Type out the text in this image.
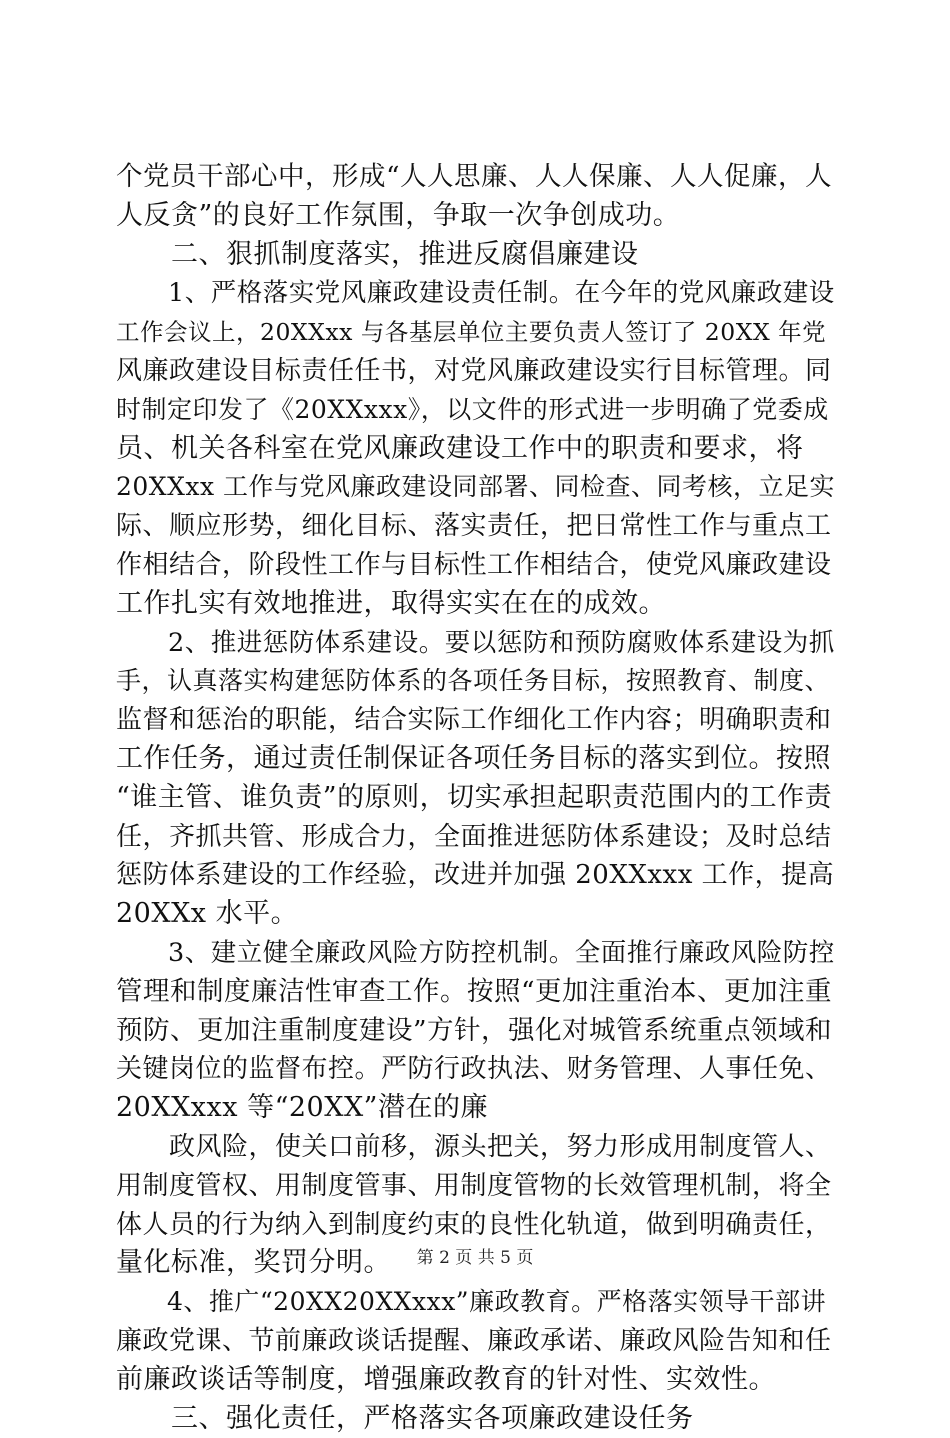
个党员干部心中，形成“人人思廉、人人保廉、人人促廉，人
人反贪”的良好工作氛围，争取一次争创成功。
　　二、狠抓制度落实，推进反腐倡廉建设
　　1、严格落实党风廉政建设责任制。在今年的党风廉政建设
工作会议上，20XXxx 与各基层单位主要负责人签订了 20XX 年党
风廉政建设目标责任任书，对党风廉政建设实行目标管理。同
时制定印发了《20XXxxx》，以文件的形式进一步明确了党委成
员、机关各科室在党风廉政建设工作中的职责和要求，将
20XXxx 工作与党风廉政建设同部署、同检查、同考核，立足实
际、顺应形势，细化目标、落实责任，把日常性工作与重点工
作相结合，阶段性工作与目标性工作相结合，使党风廉政建设
工作扎实有效地推进，取得实实在在的成效。
　　2、推进惩防体系建设。要以惩防和预防腐败体系建设为抓
手，认真落实构建惩防体系的各项任务目标，按照教育、制度、
监督和惩治的职能，结合实际工作细化工作内容；明确职责和
工作任务，通过责任制保证各项任务目标的落实到位。按照
“谁主管、谁负责”的原则，切实承担起职责范围内的工作责
任，齐抓共管、形成合力，全面推进惩防体系建设；及时总结
惩防体系建设的工作经验，改进并加强 20XXxxx 工作，提高
20XXx 水平。
　　3、建立健全廉政风险方防控机制。全面推行廉政风险防控
管理和制度廉洁性审查工作。按照“更加注重治本、更加注重
预防、更加注重制度建设”方针，强化对城管系统重点领域和
关键岗位的监督布控。严防行政执法、财务管理、人事任免、
20XXxxx 等“20XX”潜在的廉
　　政风险，使关口前移，源头把关，努力形成用制度管人、
用制度管权、用制度管事、用制度管物的长效管理机制，将全
体人员的行为纳入到制度约束的良性化轨道，做到明确责任，
量化标准，奖罚分明。
　　4、推广“20XX20XXxxx”廉政教育。严格落实领导干部讲
廉政党课、节前廉政谈话提醒、廉政承诺、廉政风险告知和任
前廉政谈话等制度，增强廉政教育的针对性、实效性。
　　三、强化责任，严格落实各项廉政建设任务
第 2 页 共 5 页
